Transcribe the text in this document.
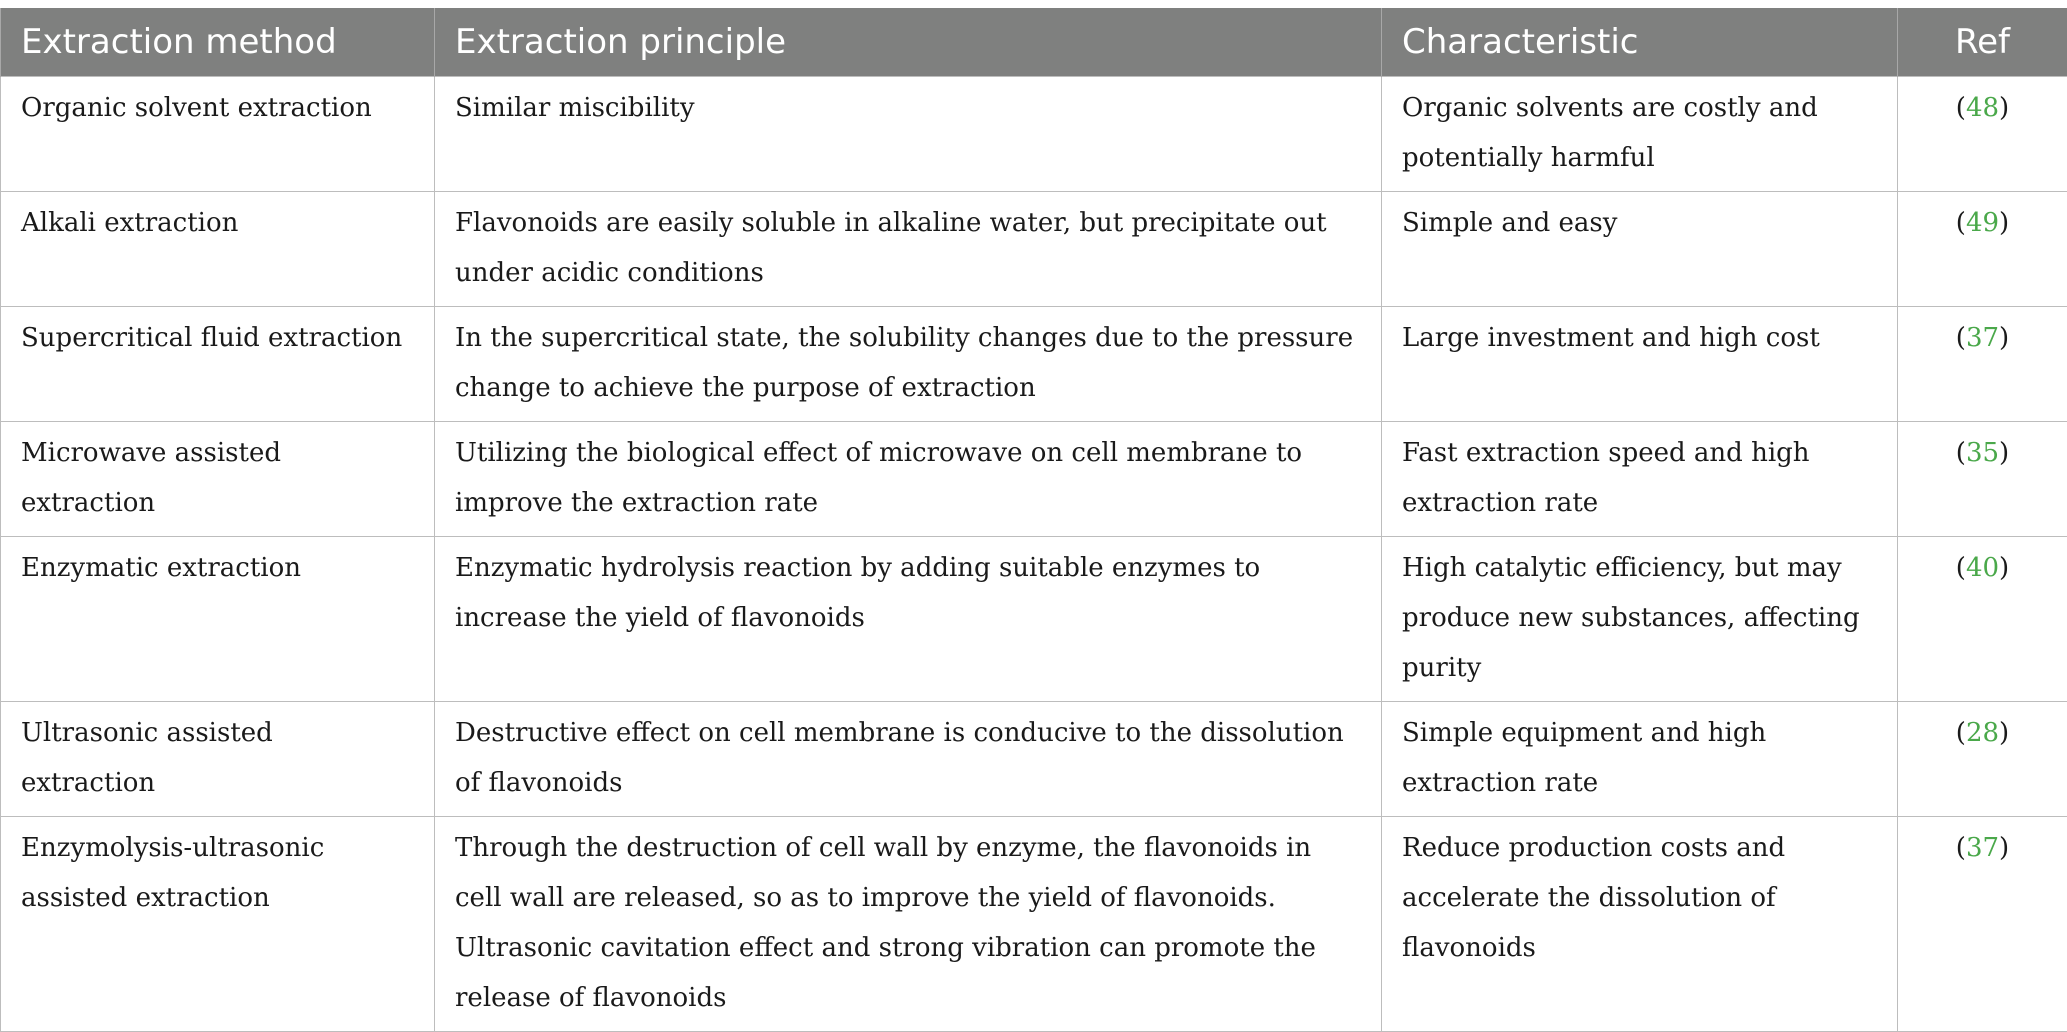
Extraction method	Extraction principle	Characteristic	Ref
Organic solvent extraction	Similar miscibility	Organic solvents are costly and potentially harmful	(48)
Alkali extraction	Flavonoids are easily soluble in alkaline water, but precipitate out under acidic conditions	Simple and easy	(49)
Supercritical fluid extraction	In the supercritical state, the solubility changes due to the pressure change to achieve the purpose of extraction	Large investment and high cost	(37)
Microwave assisted extraction	Utilizing the biological effect of microwave on cell membrane to improve the extraction rate	Fast extraction speed and high extraction rate	(35)
Enzymatic extraction	Enzymatic hydrolysis reaction by adding suitable enzymes to increase the yield of flavonoids	High catalytic efficiency, but may produce new substances, affecting purity	(40)
Ultrasonic assisted extraction	Destructive effect on cell membrane is conducive to the dissolution of flavonoids	Simple equipment and high extraction rate	(28)
Enzymolysis-ultrasonic assisted extraction	Through the destruction of cell wall by enzyme, the flavonoids in cell wall are released, so as to improve the yield of flavonoids. Ultrasonic cavitation effect and strong vibration can promote the release of flavonoids	Reduce production costs and accelerate the dissolution of flavonoids	(37)
